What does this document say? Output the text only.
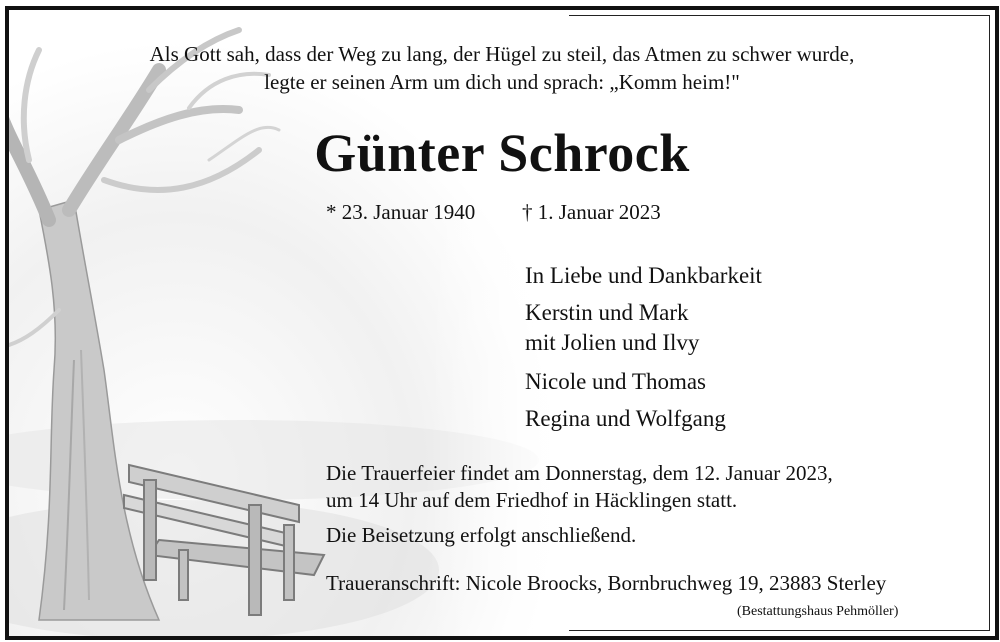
Als Gott sah, dass der Weg zu lang, der Hügel zu steil, das Atmen zu schwer wurde,
legte er seinen Arm um dich und sprach: „Komm heim!"
Günter Schrock
* 23. Januar 1940 † 1. Januar 2023
In Liebe und Dankbarkeit
Kerstin und Mark
mit Jolien und Ilvy
Nicole und Thomas
Regina und Wolfgang
Die Trauerfeier findet am Donnerstag, dem 12. Januar 2023,
um 14 Uhr auf dem Friedhof in Häcklingen statt.
Die Beisetzung erfolgt anschließend.
Traueranschrift: Nicole Broocks, Bornbruchweg 19, 23883 Sterley
(Bestattungshaus Pehmöller)
